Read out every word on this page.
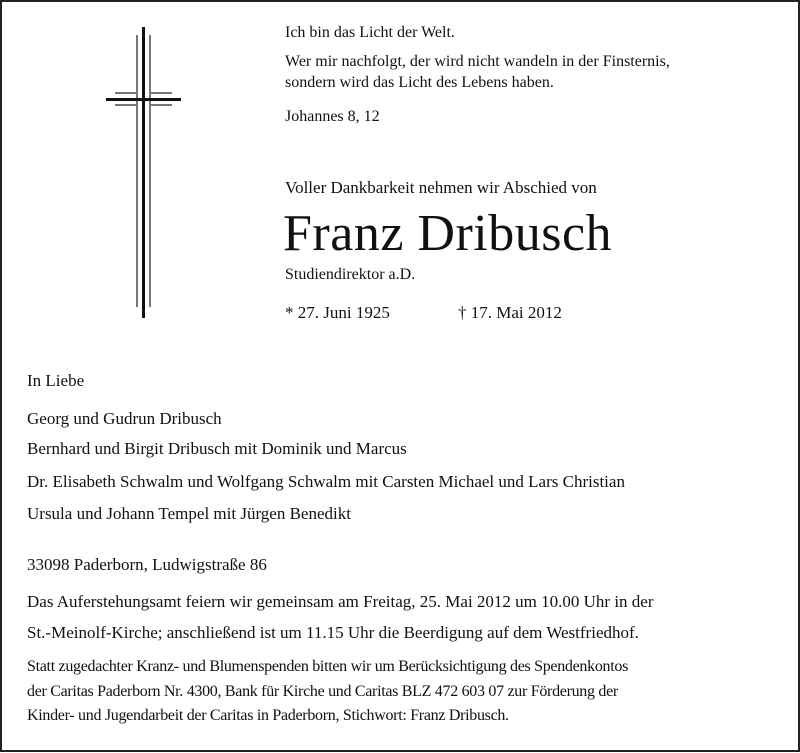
Ich bin das Licht der Welt.
Wer mir nachfolgt, der wird nicht wandeln in der Finsternis,
sondern wird das Licht des Lebens haben.
Johannes 8, 12
Voller Dankbarkeit nehmen wir Abschied von
Franz Dribusch
Studiendirektor a.D.
* 27. Juni 1925	† 17. Mai 2012
In Liebe
Georg und Gudrun Dribusch
Bernhard und Birgit Dribusch mit Dominik und Marcus
Dr. Elisabeth Schwalm und Wolfgang Schwalm mit Carsten Michael und Lars Christian
Ursula und Johann Tempel mit Jürgen Benedikt
33098 Paderborn, Ludwigstraße 86
Das Auferstehungsamt feiern wir gemeinsam am Freitag, 25. Mai 2012 um 10.00 Uhr in der
St.-Meinolf-Kirche; anschließend ist um 11.15 Uhr die Beerdigung auf dem Westfriedhof.
Statt zugedachter Kranz- und Blumenspenden bitten wir um Berücksichtigung des Spendenkontos
der Caritas Paderborn Nr. 4300, Bank für Kirche und Caritas BLZ 472 603 07 zur Förderung der
Kinder- und Jugendarbeit der Caritas in Paderborn, Stichwort: Franz Dribusch.
